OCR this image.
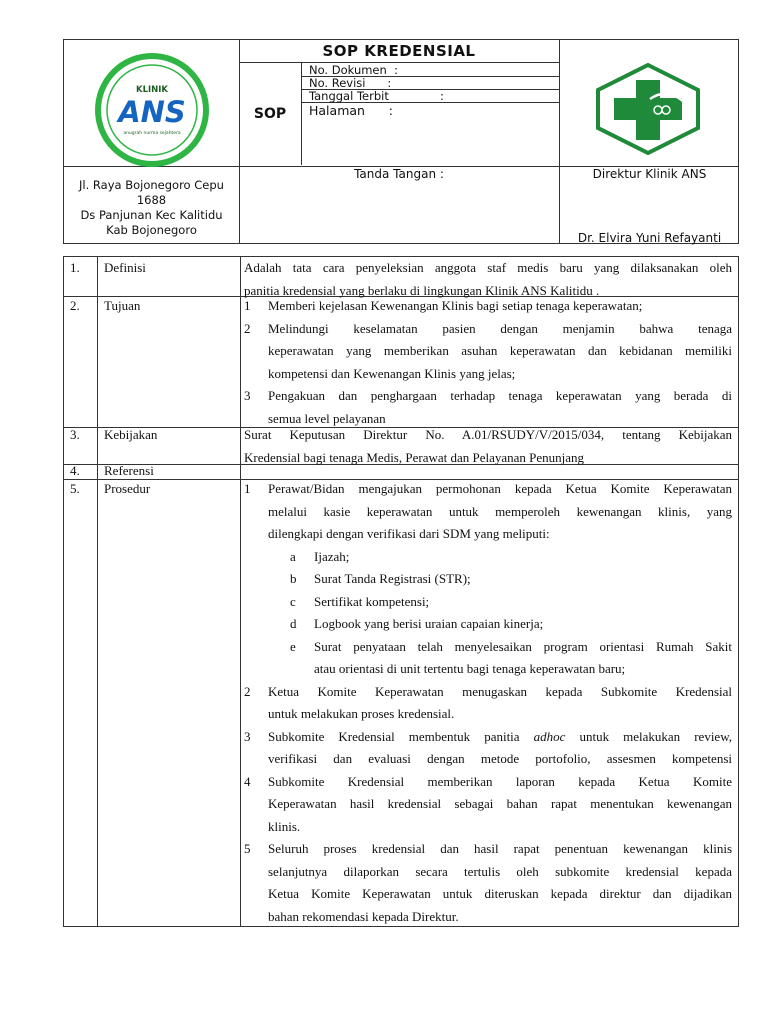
KLINIK
ANS
anugrah nurma sejahtera
SOP KREDENSIAL
SOP
No. Dokumen  :
No. Revisi      :
Tanggal Terbit              :
Halaman      :
Jl. Raya Bojonegoro Cepu
1688
Ds Panjunan Kec Kalitidu
Kab Bojonegoro
Tanda Tangan :	Direktur Klinik ANS
Dr. Elvira Yuni Refayanti
1. Definisi	Adalah tata cara penyeleksian anggota staf medis baru yang dilaksanakan oleh
panitia kredensial yang berlaku di lingkungan Klinik ANS Kalitidu .
2. Tujuan	1 Memberi kejelasan Kewenangan Klinis bagi setiap tenaga keperawatan;
2 Melindungi keselamatan pasien dengan menjamin bahwa tenaga
keperawatan yang memberikan asuhan keperawatan dan kebidanan memiliki
kompetensi dan Kewenangan Klinis yang jelas;
3 Pengakuan dan penghargaan terhadap tenaga keperawatan yang berada di
semua level pelayanan
3. Kebijakan	Surat Keputusan Direktur No. A.01/RSUDY/V/2015/034, tentang Kebijakan
Kredensial bagi tenaga Medis, Perawat dan Pelayanan Penunjang
4. Referensi
5. Prosedur	1 Perawat/Bidan mengajukan permohonan kepada Ketua Komite Keperawatan
melalui kasie keperawatan untuk memperoleh kewenangan klinis, yang
dilengkapi dengan verifikasi dari SDM yang meliputi:
a Ijazah;
b Surat Tanda Registrasi (STR);
c Sertifikat kompetensi;
d Logbook yang berisi uraian capaian kinerja;
e Surat penyataan telah menyelesaikan program orientasi Rumah Sakit
atau orientasi di unit tertentu bagi tenaga keperawatan baru;
2 Ketua Komite Keperawatan menugaskan kepada Subkomite Kredensial
untuk melakukan proses kredensial.
3 Subkomite Kredensial membentuk panitia adhoc untuk melakukan review,
verifikasi dan evaluasi dengan metode portofolio, assesmen kompetensi
4 Subkomite Kredensial memberikan laporan kepada Ketua Komite
Keperawatan hasil kredensial sebagai bahan rapat menentukan kewenangan
klinis.
5 Seluruh proses kredensial dan hasil rapat penentuan kewenangan klinis
selanjutnya dilaporkan secara tertulis oleh subkomite kredensial kepada
Ketua Komite Keperawatan untuk diteruskan kepada direktur dan dijadikan
bahan rekomendasi kepada Direktur.
